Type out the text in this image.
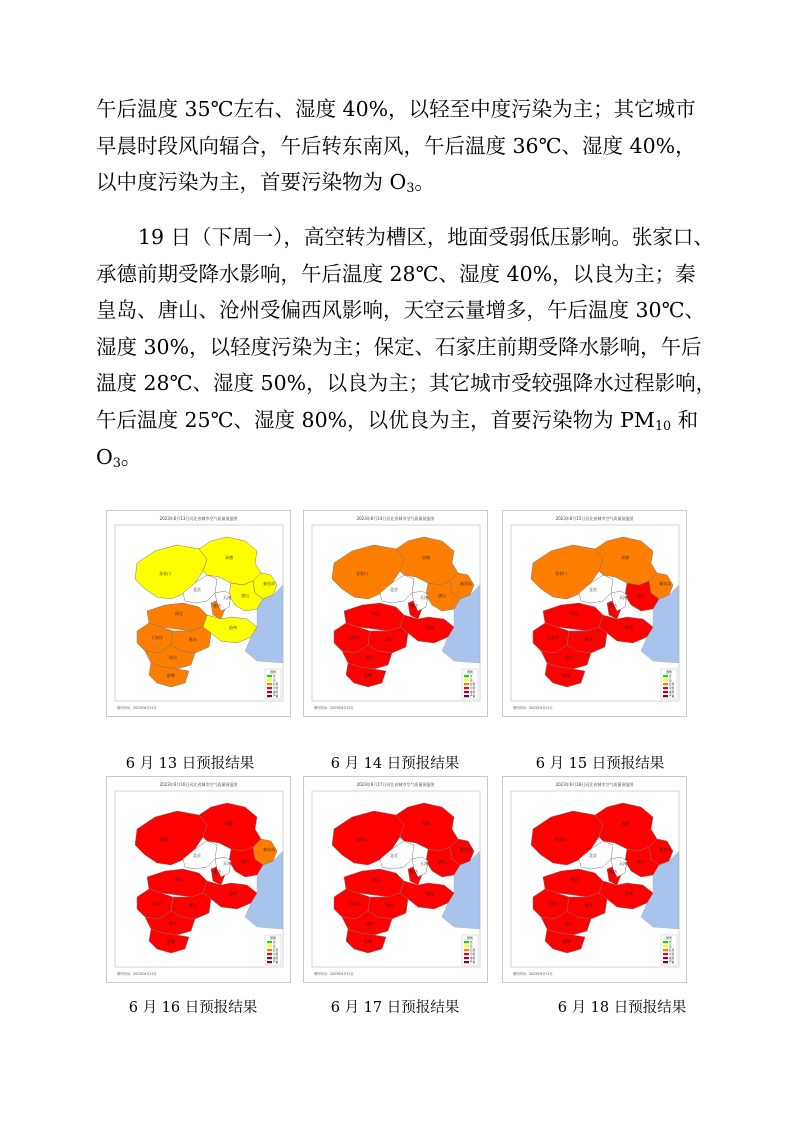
午后温度 35℃左右、湿度 40%，以轻至中度污染为主；其它城市
早晨时段风向辐合，午后转东南风，午后温度 36℃、湿度 40%，
以中度污染为主，首要污染物为 $O_3$。
19 日（下周一），高空转为槽区，地面受弱低压影响。张家口、
承德前期受降水影响，午后温度 28℃、湿度 40%，以良为主；秦
皇岛、唐山、沧州受偏西风影响，天空云量增多，午后温度 30℃、
湿度 30%，以轻度污染为主；保定、石家庄前期受降水影响，午后
温度 28℃、湿度 50%，以良为主；其它城市受较强降水过程影响，
午后温度 25℃、湿度 80%，以优良为主，首要污染物为 $PM_{10}$ 和
$O_3$。
2023年6月13日河北省城市空气质量预报图
张家口
承德
秦皇岛
唐山
北京
天津
保定
廊坊
沧州
石家庄	衡水
邢台
邯郸
图例
优
良
轻度
中度
重度
严重
制作时间：2023年6月12日
6 月 13 日预报结果
2023年6月14日河北省城市空气质量预报图
张家口
承德
秦皇岛
唐山
北京
天津
保定
廊坊
沧州
石家庄	衡水
邢台
邯郸
图例
优
良
轻度
中度
重度
严重
制作时间：2023年6月12日
6 月 14 日预报结果
2023年6月15日河北省城市空气质量预报图
张家口
承德
秦皇岛
唐山
北京
天津
保定
廊坊
沧州
石家庄	衡水
邢台
邯郸
图例
优
良
轻度
中度
重度
严重
制作时间：2023年6月12日
6 月 15 日预报结果
2023年6月16日河北省城市空气质量预报图
张家口
承德
秦皇岛
唐山
北京
天津
保定
廊坊
沧州
石家庄	衡水
邢台
邯郸
图例
优
良
轻度
中度
重度
严重
制作时间：2023年6月12日
6 月 16 日预报结果
2023年6月17日河北省城市空气质量预报图
张家口
承德
秦皇岛
唐山
北京
天津
保定
廊坊
沧州
石家庄	衡水
邢台
邯郸
图例
优
良
轻度
中度
重度
严重
制作时间：2023年6月12日
6 月 17 日预报结果
2023年6月18日河北省城市空气质量预报图
张家口
承德
秦皇岛
唐山
北京
天津
保定
廊坊
沧州
石家庄	衡水
邢台
邯郸
图例
优
良
轻度
中度
重度
严重
制作时间：2023年6月12日
6 月 18 日预报结果
